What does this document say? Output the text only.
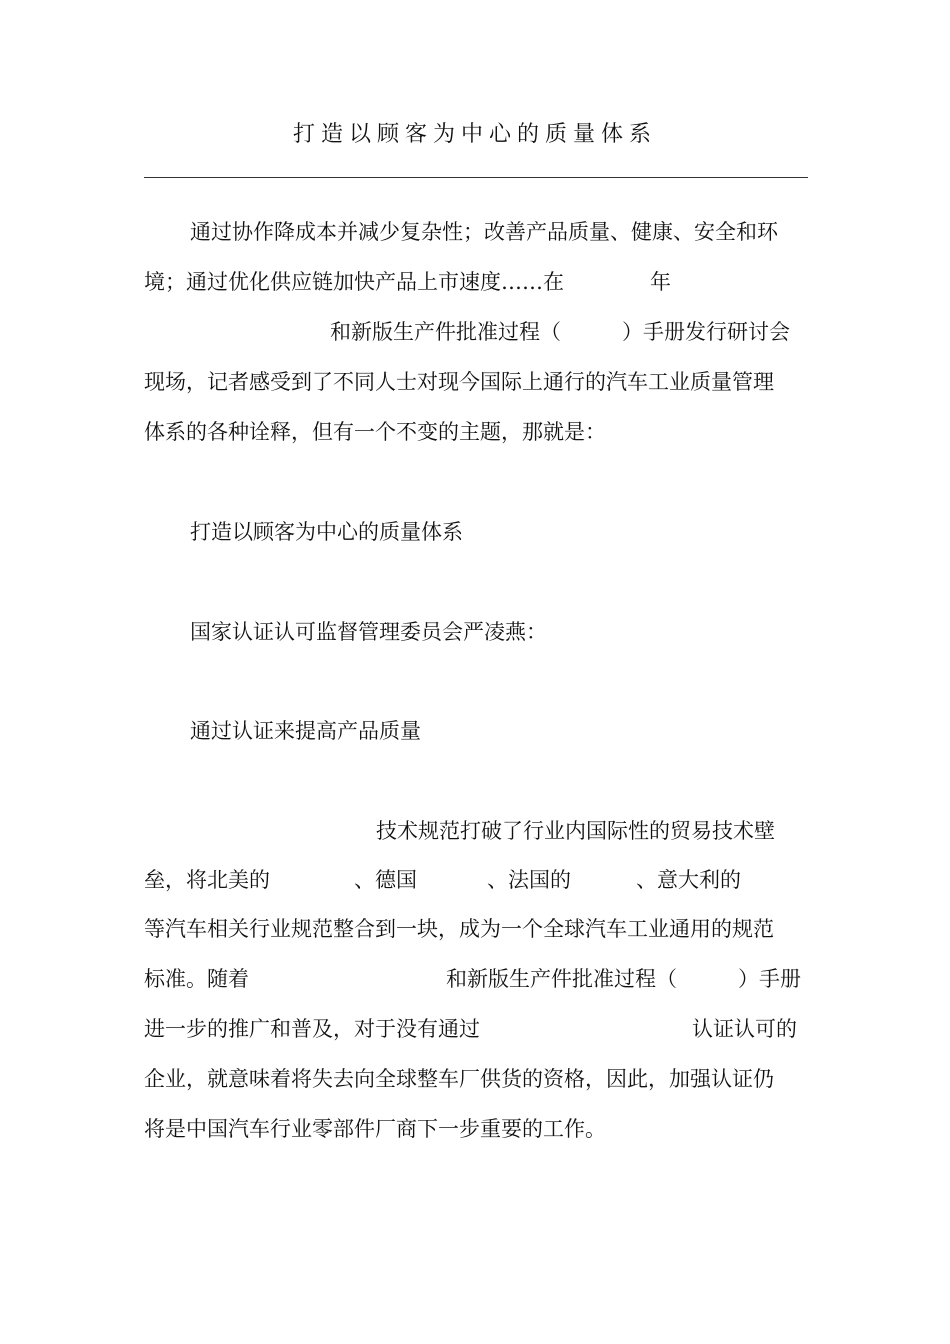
打造以顾客为中心的质量体系
通过协作降成本并减少复杂性；改善产品质量、健康、安全和环
境；通过优化供应链加快产品上市速度……在	年
和新版生产件批准过程（	）手册发行研讨会
现场，记者感受到了不同人士对现今国际上通行的汽车工业质量管理
体系的各种诠释，但有一个不变的主题，那就是：
打造以顾客为中心的质量体系
国家认证认可监督管理委员会严凌燕：
通过认证来提高产品质量
技术规范打破了行业内国际性的贸易技术壁
垒，将北美的	、德国	、法国的	、意大利的
等汽车相关行业规范整合到一块，成为一个全球汽车工业通用的规范
标准。随着	和新版生产件批准过程（	）手册
进一步的推广和普及，对于没有通过	认证认可的
企业，就意味着将失去向全球整车厂供货的资格，因此，加强认证仍
将是中国汽车行业零部件厂商下一步重要的工作。
